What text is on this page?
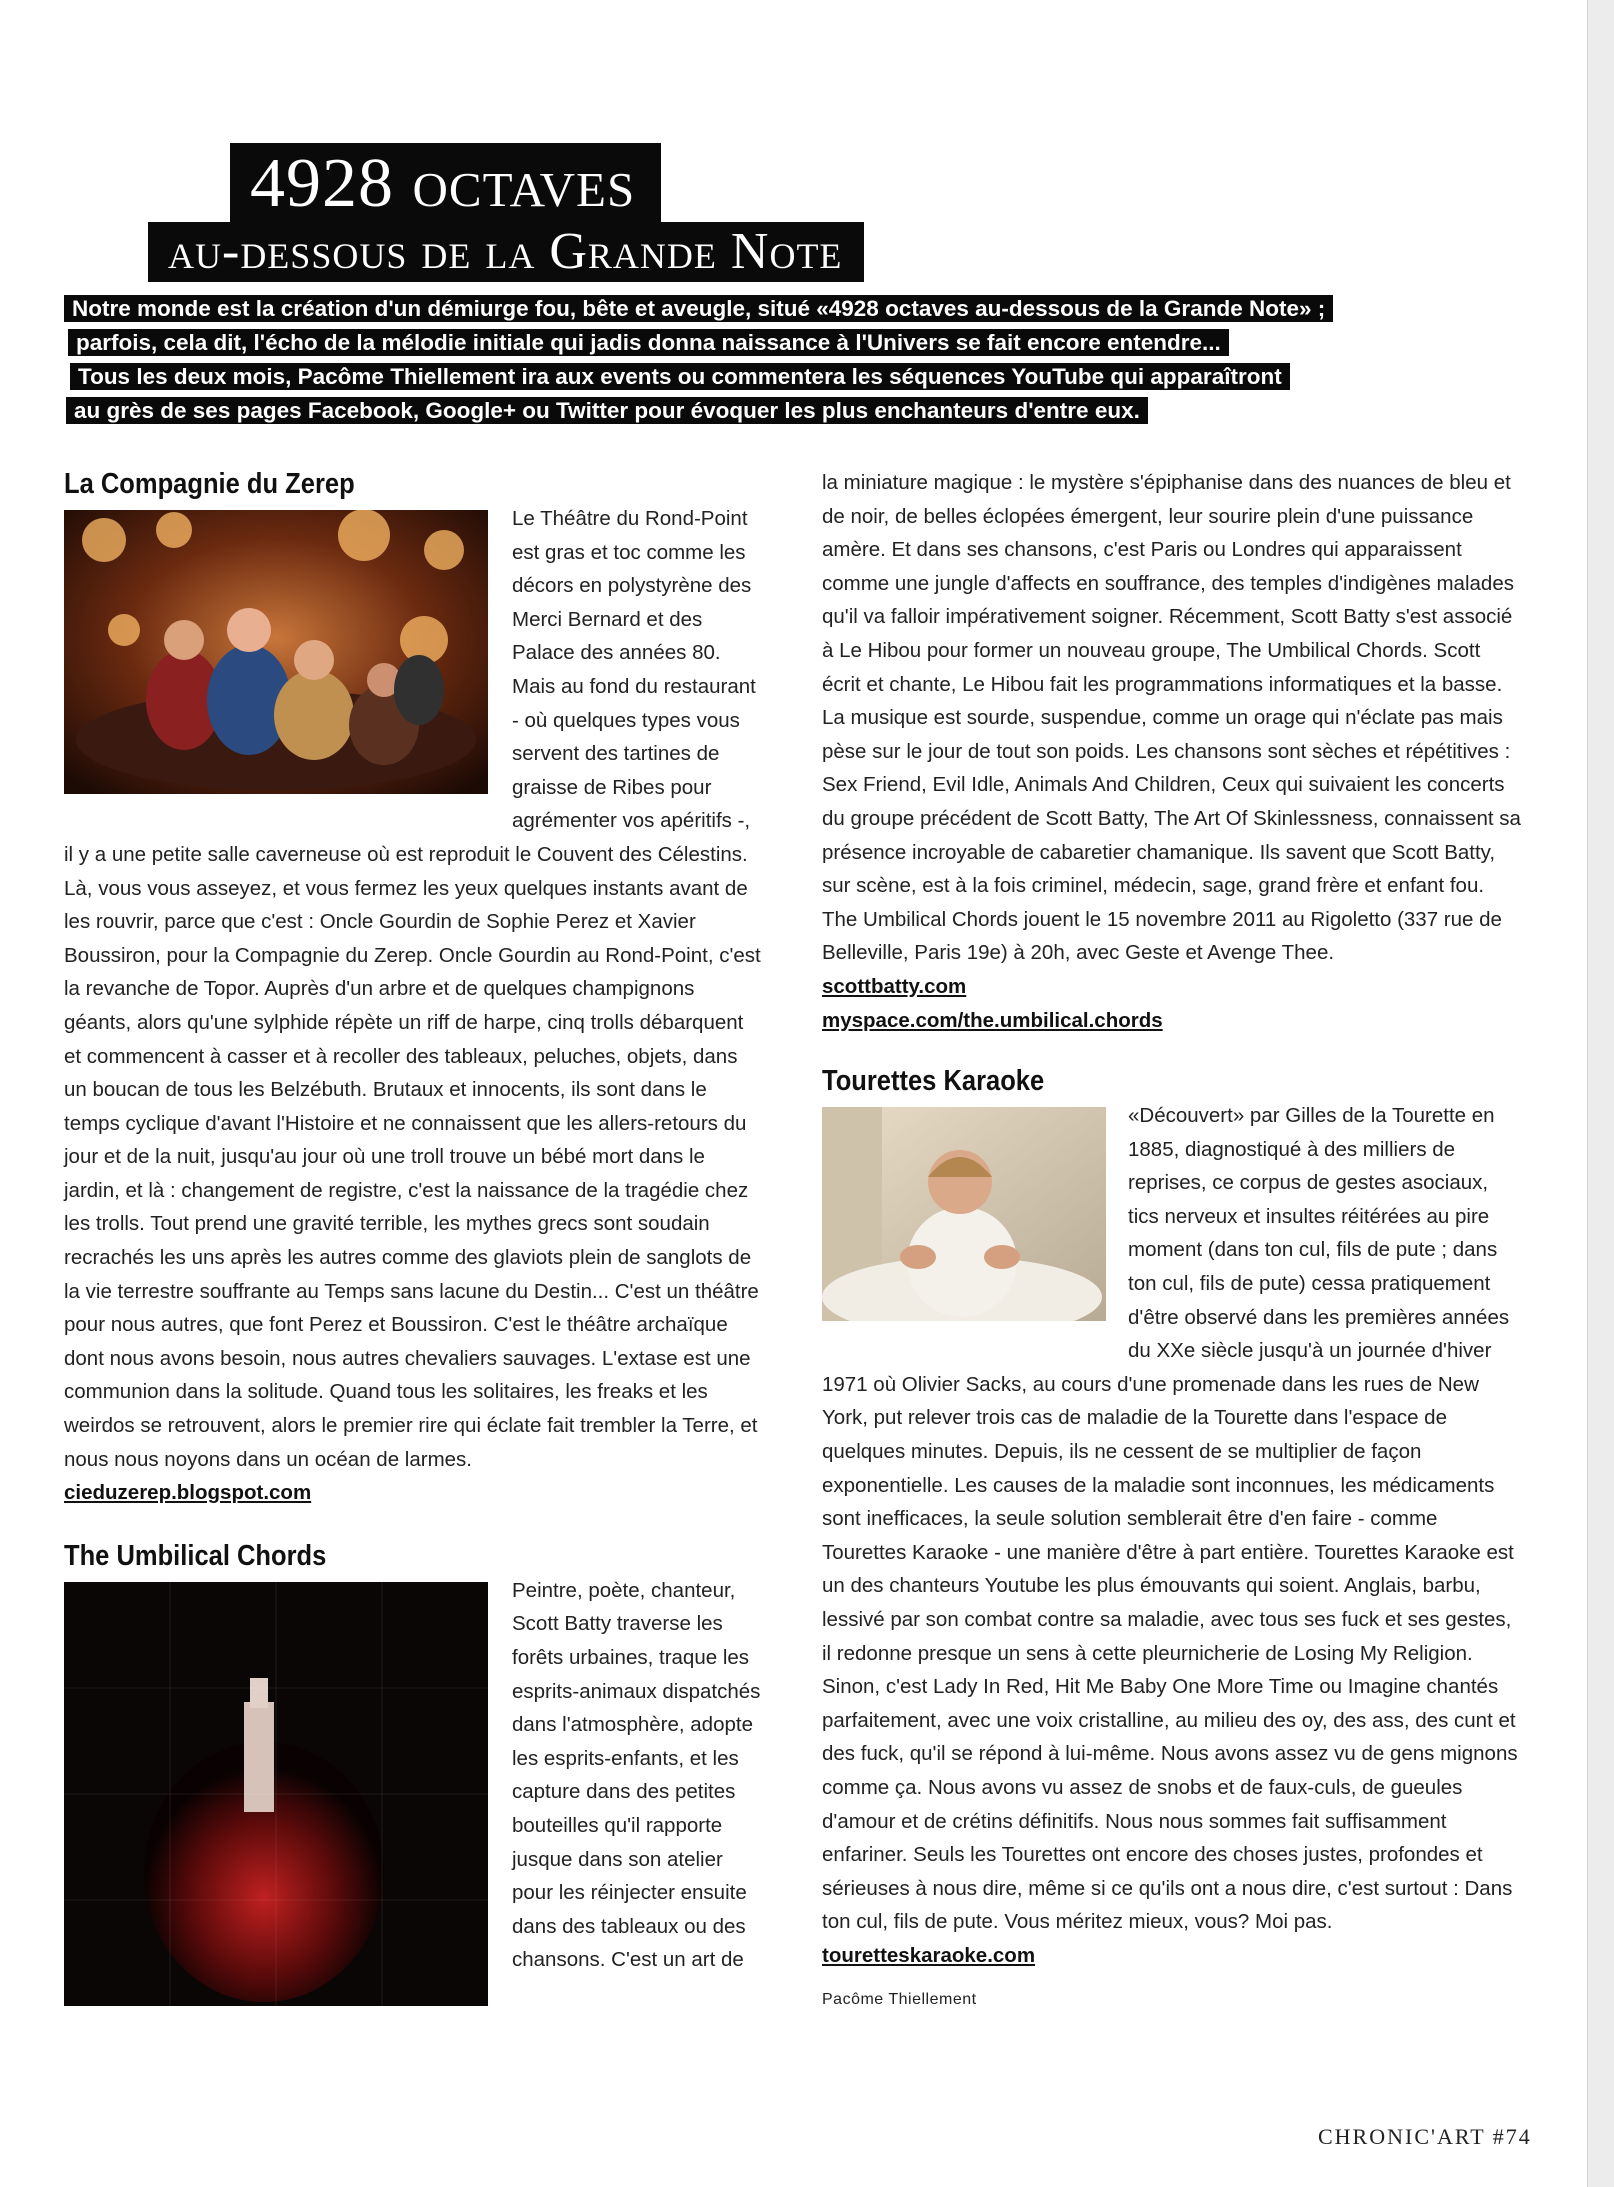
4928 octaves
au-dessous de la Grande Note
Notre monde est la création d'un démiurge fou, bête et aveugle, situé «4928 octaves au-dessous de la Grande Note» ;
parfois, cela dit, l'écho de la mélodie initiale qui jadis donna naissance à l'Univers se fait encore entendre...
Tous les deux mois, Pacôme Thiellement ira aux events ou commentera les séquences YouTube qui apparaîtront
au grès de ses pages Facebook, Google+ ou Twitter pour évoquer les plus enchanteurs d'entre eux.
La Compagnie du Zerep

Le Théâtre du Rond-Point est gras et toc comme les décors en polystyrène des Merci Bernard et des Palace des années 80. Mais au fond du restaurant - où quelques types vous servent des tartines de graisse de Ribes pour agrémenter vos apéritifs -, il y a une petite salle caverneuse où est reproduit le Couvent des Célestins. Là, vous vous asseyez, et vous fermez les yeux quelques instants avant de les rouvrir, parce que c'est : Oncle Gourdin de Sophie Perez et Xavier Boussiron, pour la Compagnie du Zerep. Oncle Gourdin au Rond-Point, c'est la revanche de Topor. Auprès d'un arbre et de quelques champignons géants, alors qu'une sylphide répète un riff de harpe, cinq trolls débarquent et commencent à casser et à recoller des tableaux, peluches, objets, dans un boucan de tous les Belzébuth. Brutaux et innocents, ils sont dans le temps cyclique d'avant l'Histoire et ne connaissent que les allers-retours du jour et de la nuit, jusqu'au jour où une troll trouve un bébé mort dans le jardin, et là : changement de registre, c'est la naissance de la tragédie chez les trolls. Tout prend une gravité terrible, les mythes grecs sont soudain recrachés les uns après les autres comme des glaviots plein de sanglots de la vie terrestre souffrante au Temps sans lacune du Destin... C'est un théâtre pour nous autres, que font Perez et Boussiron. C'est le théâtre archaïque dont nous avons besoin, nous autres chevaliers sauvages. L'extase est une communion dans la solitude. Quand tous les solitaires, les freaks et les weirdos se retrouvent, alors le premier rire qui éclate fait trembler la Terre, et nous nous noyons dans un océan de larmes.

cieduzerep.blogspot.com
The Umbilical Chords

Peintre, poète, chanteur, Scott Batty traverse les forêts urbaines, traque les esprits-animaux dispatchés dans l'atmosphère, adopte les esprits-enfants, et les capture dans des petites bouteilles qu'il rapporte jusque dans son atelier pour les réinjecter ensuite dans des tableaux ou des chansons. C'est un art de

la miniature magique : le mystère s'épiphanise dans des nuances de bleu et de noir, de belles éclopées émergent, leur sourire plein d'une puissance amère. Et dans ses chansons, c'est Paris ou Londres qui apparaissent comme une jungle d'affects en souffrance, des temples d'indigènes malades qu'il va falloir impérativement soigner. Récemment, Scott Batty s'est associé à Le Hibou pour former un nouveau groupe, The Umbilical Chords. Scott écrit et chante, Le Hibou fait les programmations informatiques et la basse. La musique est sourde, suspendue, comme un orage qui n'éclate pas mais pèse sur le jour de tout son poids. Les chansons sont sèches et répétitives : Sex Friend, Evil Idle, Animals And Children, Ceux qui suivaient les concerts du groupe précédent de Scott Batty, The Art Of Skinlessness, connaissent sa présence incroyable de cabaretier chamanique. Ils savent que Scott Batty, sur scène, est à la fois criminel, médecin, sage, grand frère et enfant fou. The Umbilical Chords jouent le 15 novembre 2011 au Rigoletto (337 rue de Belleville, Paris 19e) à 20h, avec Geste et Avenge Thee.

scottbatty.com
myspace.com/the.umbilical.chords
Tourettes Karaoke

«Découvert» par Gilles de la Tourette en 1885, diagnostiqué à des milliers de reprises, ce corpus de gestes asociaux, tics nerveux et insultes réitérées au pire moment (dans ton cul, fils de pute ; dans ton cul, fils de pute) cessa pratiquement d'être observé dans les premières années du XXe siècle jusqu'à un journée d'hiver 1971 où Olivier Sacks, au cours d'une promenade dans les rues de New York, put relever trois cas de maladie de la Tourette dans l'espace de quelques minutes. Depuis, ils ne cessent de se multiplier de façon exponentielle. Les causes de la maladie sont inconnues, les médicaments sont inefficaces, la seule solution semblerait être d'en faire - comme Tourettes Karaoke - une manière d'être à part entière. Tourettes Karaoke est un des chanteurs Youtube les plus émouvants qui soient. Anglais, barbu, lessivé par son combat contre sa maladie, avec tous ses fuck et ses gestes, il redonne presque un sens à cette pleurnicherie de Losing My Religion. Sinon, c'est Lady In Red, Hit Me Baby One More Time ou Imagine chantés parfaitement, avec une voix cristalline, au milieu des oy, des ass, des cunt et des fuck, qu'il se répond à lui-même. Nous avons assez vu de gens mignons comme ça. Nous avons vu assez de snobs et de faux-culs, de gueules d'amour et de crétins définitifs. Nous nous sommes fait suffisamment enfariner. Seuls les Tourettes ont encore des choses justes, profondes et sérieuses à nous dire, même si ce qu'ils ont a nous dire, c'est surtout : Dans ton cul, fils de pute. Vous méritez mieux, vous? Moi pas.

touretteskaraoke.com
Pacôme Thiellement
CHRONIC'ART #74
